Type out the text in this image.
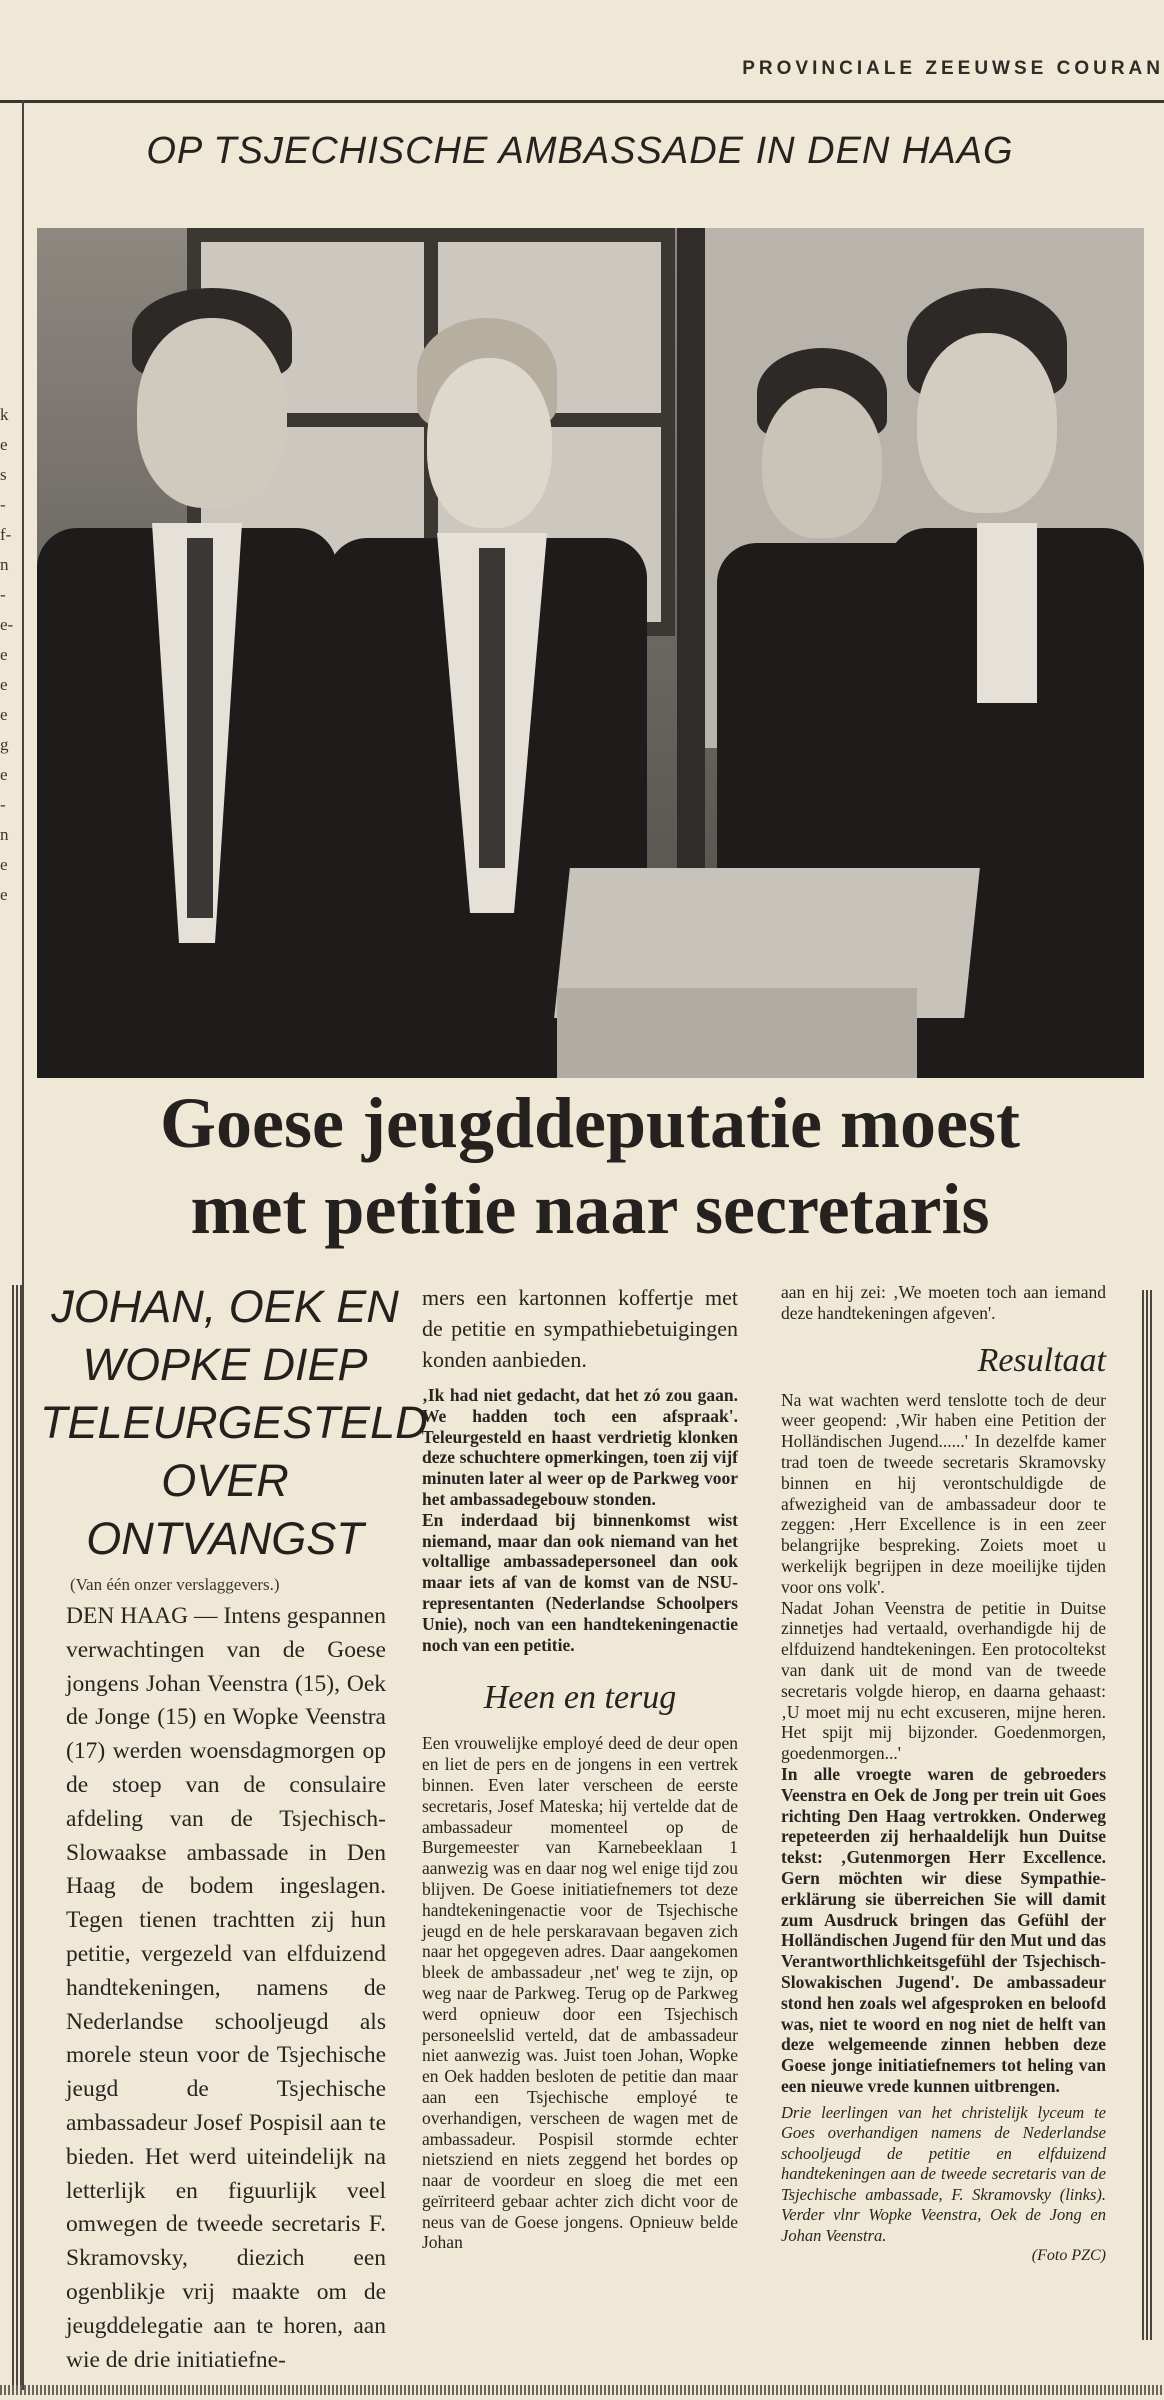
PROVINCIALE ZEEUWSE COURAN
k e s - f- n - e- e e e g e - n e e
OP TSJECHISCHE AMBASSADE IN DEN HAAG
Goese jeugddeputatie moest
met petitie naar secretaris
JOHAN, OEK EN
WOPKE DIEP
TELEURGESTELD
OVER
ONTVANGST
(Van één onzer verslaggevers.)

DEN HAAG — Intens gespannen verwachtingen van de Goese jongens Johan Veenstra (15), Oek de Jonge (15) en Wopke Veenstra (17) werden woensdagmorgen op de stoep van de consulaire afdeling van de Tsjechisch-Slowaakse ambassade in Den Haag de bodem ingeslagen. Tegen tienen trachtten zij hun petitie, vergezeld van elfduizend handtekeningen, namens de Nederlandse schooljeugd als morele steun voor de Tsjechische jeugd de Tsjechische ambassadeur Josef Pospisil aan te bieden. Het werd uiteindelijk na letterlijk en figuurlijk veel omwegen de tweede secretaris F. Skramovsky, diezich een ogenblikje vrij maakte om de jeugddelegatie aan te horen, aan wie de drie initiatiefne-

mers een kartonnen koffertje met de petitie en sympathiebetuigingen konden aanbieden.

‚Ik had niet gedacht, dat het zó zou gaan. We hadden toch een afspraak'. Teleurgesteld en haast verdrietig klonken deze schuchtere opmerkingen, toen zij vijf minuten later al weer op de Parkweg voor het ambassadegebouw stonden.

En inderdaad bij binnenkomst wist niemand, maar dan ook niemand van het voltallige ambassadepersoneel dan ook maar iets af van de komst van de NSU-representanten (Nederlandse Schoolpers Unie), noch van een handtekeningenactie noch van een petitie.

Heen en terug

Een vrouwelijke employé deed de deur open en liet de pers en de jongens in een vertrek binnen. Even later verscheen de eerste secretaris, Josef Mateska; hij vertelde dat de ambassadeur momenteel op de Burgemeester van Karnebeeklaan 1 aanwezig was en daar nog wel enige tijd zou blijven. De Goese initiatiefnemers tot deze handtekeningenactie voor de Tsjechische jeugd en de hele perskaravaan begaven zich naar het opgegeven adres. Daar aangekomen bleek de ambassadeur ‚net' weg te zijn, op weg naar de Parkweg. Terug op de Parkweg werd opnieuw door een Tsjechisch personeelslid verteld, dat de ambassadeur niet aanwezig was. Juist toen Johan, Wopke en Oek hadden besloten de petitie dan maar aan een Tsjechische employé te overhandigen, verscheen de wagen met de ambassadeur. Pospisil stormde echter nietsziend en niets zeggend het bordes op naar de voordeur en sloeg die met een geïrriteerd gebaar achter zich dicht voor de neus van de Goese jongens. Opnieuw belde Johan

aan en hij zei: ‚We moeten toch aan iemand deze handtekeningen afgeven'.

Resultaat

Na wat wachten werd tenslotte toch de deur weer geopend: ‚Wir haben eine Petition der Holländischen Jugend......' In dezelfde kamer trad toen de tweede secretaris Skramovsky binnen en hij verontschuldigde de afwezigheid van de ambassadeur door te zeggen: ‚Herr Excellence is in een zeer belangrijke bespreking. Zoiets moet u werkelijk begrijpen in deze moeilijke tijden voor ons volk'.

Nadat Johan Veenstra de petitie in Duitse zinnetjes had vertaald, overhandigde hij de elfduizend handtekeningen. Een protocoltekst van dank uit de mond van de tweede secretaris volgde hierop, en daarna gehaast: ‚U moet mij nu echt excuseren, mijne heren. Het spijt mij bijzonder. Goedenmorgen, goedenmorgen...'

In alle vroegte waren de gebroeders Veenstra en Oek de Jong per trein uit Goes richting Den Haag vertrokken. Onderweg repeteerden zij herhaaldelijk hun Duitse tekst: ‚Gutenmorgen Herr Excellence. Gern möchten wir diese Sympathie-erklärung sie überreichen Sie will damit zum Ausdruck bringen das Gefühl der Holländischen Jugend für den Mut und das Verantworthlichkeitsgefühl der Tsjechisch-Slowakischen Jugend'. De ambassadeur stond hen zoals wel afgesproken en beloofd was, niet te woord en nog niet de helft van deze welgemeende zinnen hebben deze Goese jonge initiatiefnemers tot heling van een nieuwe vrede kunnen uitbrengen.

Drie leerlingen van het christelijk lyceum te Goes overhandigen namens de Nederlandse schooljeugd de petitie en elfduizend handtekeningen aan de tweede secretaris van de Tsjechische ambassade, F. Skramovsky (links). Verder vlnr Wopke Veenstra, Oek de Jong en Johan Veenstra.

(Foto PZC)
